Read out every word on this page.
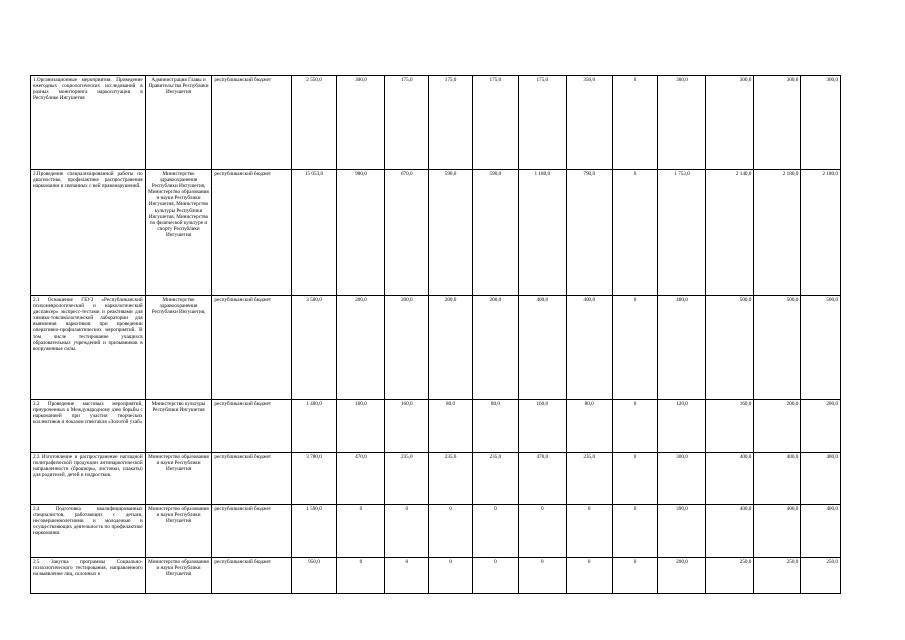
1.Организационные мероприятия. Проведение ежегодных социологических исследований в разных мониторинга наркоситуации в Республике Ингушетия	Администрация Главы и Правительства Республики Ингушетия	республиканский бюджет	2 550,0	300,0	175,0	175,0	175,0	175,0	350,0	0	300,0	300,0	300,0	300,0
2.Проведение специализированной работы по диагностике, профилактике распространения наркомании и связанных с ней правонарушений.	Министерство здравоохранения Республики Ингушетия, Министерство образования и науки Республики Ингушетия, Министерство культуры Республики Ингушетия, Министерство по физической культуре и спорту Республики Ингушетия	республиканский бюджет	15 053,0	980,0	670,0	590,0	590,0	1 180,0	790,0	0	1 753,0	2 140,0	2 180,0	2 180,0
2.1 Оснащение ГБУЗ «Республиканский психоневрологический и наркологический диспансер» экспресс-тестами и реактивами для химико-токсикологической лаборатории для выявления наркотиков при проведении оперативно-профилактических мероприятий. В том числе тестирование учащихся образовательных учреждений и призывников в вооруженные силы.	Министерство здравоохранения Республики Ингушетия,	республиканский бюджет	3 500,0	200,0	200,0	200,0	200,0	400,0	400,0	0	400,0	500,0	500,0	500,0
2.2 Проведение массовых мероприятий, приуроченных к Международному дню борьбы с наркоманией при участии творческих коллективов и показом спектакля «Золотой ухаб»	Министерство культуры Республики Ингушетия	республиканский бюджет	1 400,0	160,0	160,0	80,0	80,0	160,0	80,0	0	120,0	160,0	200,0	200,0
2.3 Изготовление и распространение наглядной полиграфической продукции антинаркотической направленности (брошюры, листовки, плакаты) для родителей, детей и подростков.	Министерство образования и науки Республики Ингушетия	республиканский бюджет	3 780,0	470,0	235,0	235,0	235,0	470,0	235,0	0	300,0	400,0	400,0	400,0
2.4 Подготовка квалифицированных специалистов, работающих с детьми, несовершеннолетними и молодежью и осуществляющих деятельность по профилактике наркомании.	Министерство образования и науки Республики Ингушетия	республиканский бюджет	1 590,0	0	0	0	0	0	0	0	390,0	400,0	400,0	400,0
2.5 Закупка программы Социально-психологического тестирования, направленного на выявление лиц, склонных к	Министерство образования и науки Республики Ингушетия	республиканский бюджет	950,0	0	0	0	0	0	0	0	200,0	250,0	250,0	250,0
